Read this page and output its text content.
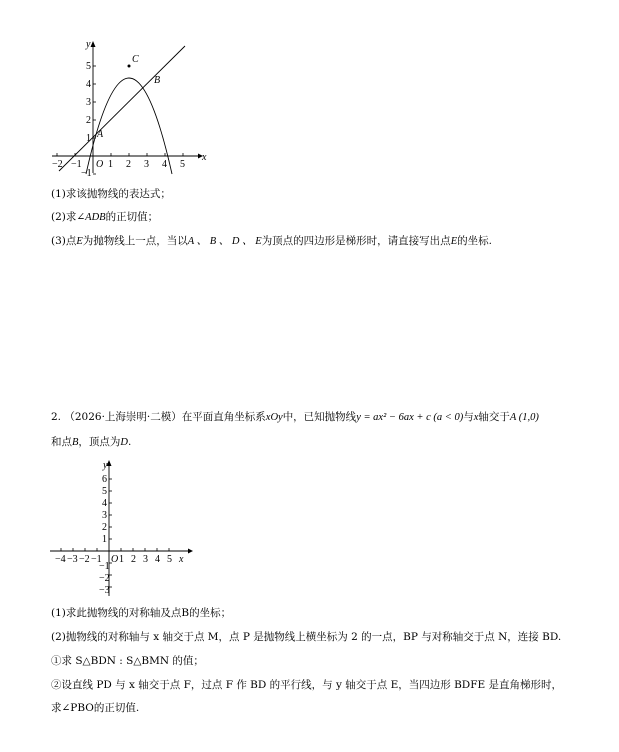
x
y
O
−2 −1	1 2 3 4 5
5
4
3
2
1
−1
A
B
C
(1)求该抛物线的表达式；
(2)求∠ADB的正切值；
(3)点E为抛物线上一点，当以A 、 B 、 D 、 E为顶点的四边形是梯形时，请直接写出点E的坐标.
2. （2026·上海崇明·二模）在平面直角坐标系xOy中，已知抛物线y = ax² − 6ax + c (a < 0)与x轴交于A (1,0)
和点B，顶点为D.
x
y
O
−4 −3 −2 −1 1 2 3 4 5
6
5
4
3
2
1
−1
−2
−3
(1)求此抛物线的对称轴及点B的坐标；
(2)抛物线的对称轴与 x 轴交于点 M，点 P 是抛物线上横坐标为 2 的一点，BP 与对称轴交于点 N，连接 BD.
①求 S△BDN : S△BMN 的值；
②设直线 PD 与 x 轴交于点 F，过点 F 作 BD 的平行线，与 y 轴交于点 E，当四边形 BDFE 是直角梯形时，
求∠PBO的正切值.
